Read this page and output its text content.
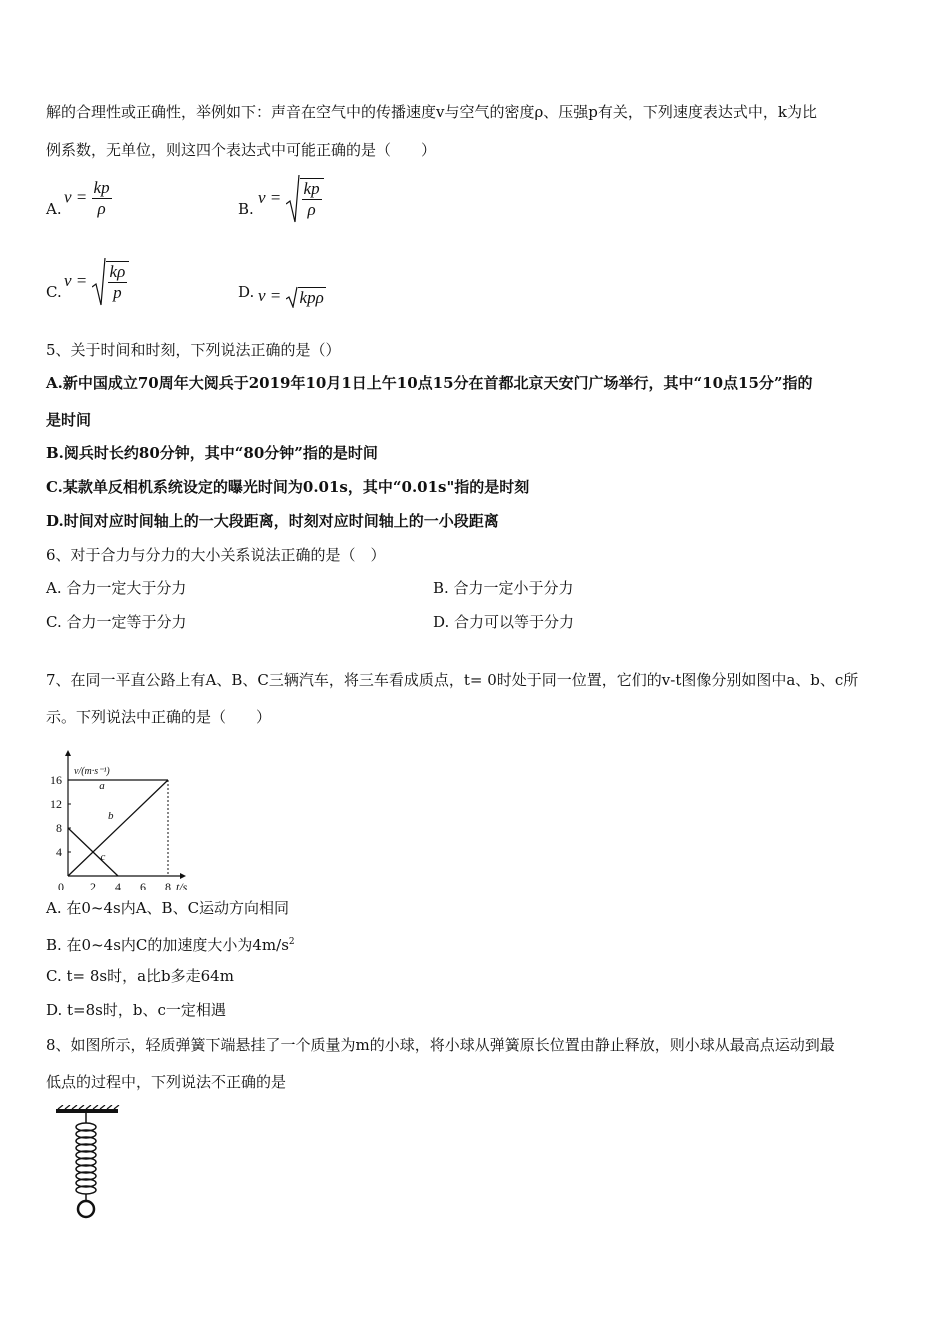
解的合理性或正确性，举例如下：声音在空气中的传播速度v与空气的密度ρ、压强p有关，下列速度表达式中，k为比
例系数，无单位，则这四个表达式中可能正确的是（　　）
A.
$v = \frac{kp}{\rho}$	B.
$v = \frac{kp}{\rho}$
C.
$v = \frac{k\rho}{p}$	D. v = kpρ
5、关于时间和时刻，下列说法正确的是（）
A.新中国成立70周年大阅兵于2019年10月1日上午10点15分在首都北京天安门广场举行，其中“10点15分”指的
是时间
B.阅兵时长约80分钟，其中“80分钟”指的是时间
C.某款单反相机系统设定的曝光时间为0.01s，其中“0.01s"指的是时刻
D.时间对应时间轴上的一大段距离，时刻对应时间轴上的一小段距离
6、对于合力与分力的大小关系说法正确的是（　）
A. 合力一定大于分力	B. 合力一定小于分力
C. 合力一定等于分力	D. 合力可以等于分力
7、在同一平直公路上有A、B、C三辆汽车，将三车看成质点，t= 0时处于同一位置，它们的v-t图像分别如图中a、b、c所
示。下列说法中正确的是（　　）
0 2 4 6 8
4
8
12
16
v/(m·s⁻¹)
t/s
a
b
c
A. 在0~4s内A、B、C运动方向相同
B. 在0~4s内C的加速度大小为$4m/s^2$
C. t= 8s时，a比b多走64m
D. t=8s时，b、c一定相遇
8、如图所示，轻质弹簧下端悬挂了一个质量为m的小球，将小球从弹簧原长位置由静止释放，则小球从最高点运动到最
低点的过程中，下列说法不正确的是
